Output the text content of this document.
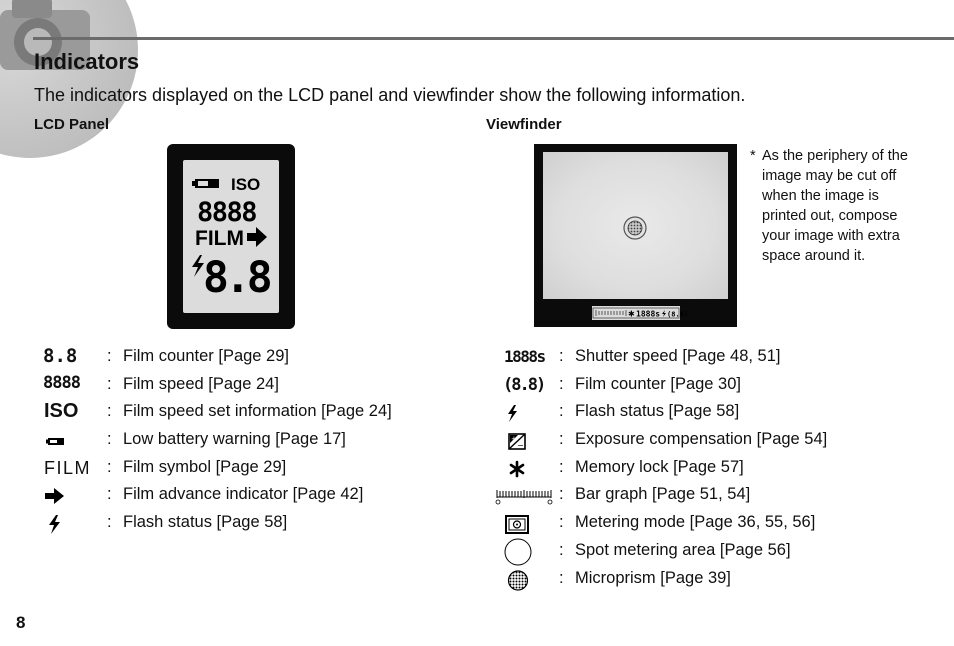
Indicators

The indicators displayed on the LCD panel and viewfinder show the following information.

LCD Panel	Viewfinder

ISO
8888
FILM
8.8
✱ 1888s (8.8)
* As the periphery of the image may be cut off when the image is printed out, compose your image with extra space around it.
8.8 : Film counter [Page 29]
8888 : Film speed [Page 24]
ISO : Film speed set information [Page 24]
: Low battery warning [Page 17]
FILM : Film symbol [Page 29]
: Film advance indicator [Page 42]
: Flash status [Page 58]
1888s : Shutter speed [Page 48, 51]
(8.8) : Film counter [Page 30]
: Flash status [Page 58]
+
− : Exposure compensation [Page 54]
: Memory lock [Page 57]
: Bar graph [Page 51, 54]
: Metering mode [Page 36, 55, 56]
: Spot metering area [Page 56]
: Microprism [Page 39]
8
